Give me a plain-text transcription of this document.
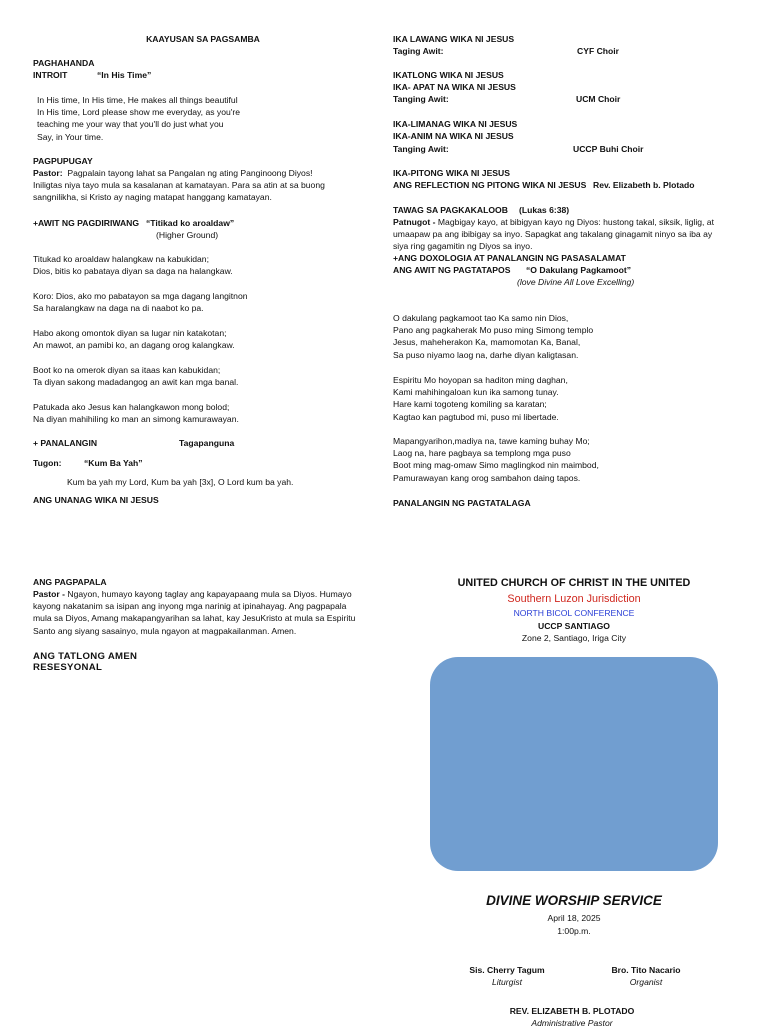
KAAYUSAN SA PAGSAMBA
PAGHAHANDA
INTROIT	“In His Time”

In His time, In His time, He makes all things beautiful

In His time, Lord please show me everyday, as you're

teaching me your way that you'll do just what you

Say, in Your time.

PAGPUPUGAY

Pastor: Pagpalain tayong lahat sa Pangalan ng ating Panginoong Diyos!

Iniligtas niya tayo mula sa kasalanan at kamatayan. Para sa atin at sa buong

sangnilikha, si Kristo ay naging matapat hanggang kamatayan.

+AWIT NG PAGDIRIWANG “Titikad ko aroaldaw”
(Higher Ground)

Titukad ko aroaldaw halangkaw na kabukidan;

Dios, bitis ko pabataya diyan sa daga na halangkaw.

Koro: Dios, ako mo pabatayon sa mga dagang langitnon

Sa haralangkaw na daga na di naabot ko pa.

Habo akong omontok diyan sa lugar nin katakotan;

An mawot, an pamibi ko, an dagang orog kalangkaw.

Boot ko na omerok diyan sa itaas kan kabukidan;

Ta diyan sakong madadangog an awit kan mga banal.

Patukada ako Jesus kan halangkawon mong bolod;

Na diyan mahihiling ko man an simong kamurawayan.

+ PANALANGIN	Tagapanguna
Tugon:	“Kum Ba Yah”
Kum ba yah my Lord, Kum ba yah [3x], O Lord kum ba yah.
ANG UNANAG WIKA NI JESUS
ANG PAGPAPALA

Pastor - Ngayon, humayo kayong taglay ang kapayapaang mula sa Diyos. Humayo

kayong nakatanim sa isipan ang inyong mga narinig at ipinahayag. Ang pagpapala

mula sa Diyos, Amang makapangyarihan sa lahat, kay JesuKristo at mula sa Espiritu

Santo ang siyang sasainyo, mula ngayon at magpakailanman. Amen.

ANG TATLONG AMEN
RESESYONAL
IKA LAWANG WIKA NI JESUS
Taging Awit:	CYF Choir
IKATLONG WIKA NI JESUS
IKA- APAT NA WIKA NI JESUS
Tanging Awit:	UCM Choir
IKA-LIMANAG WIKA NI JESUS
IKA-ANIM NA WIKA NI JESUS
Tanging Awit:	UCCP Buhi Choir
IKA-PITONG WIKA NI JESUS
ANG REFLECTION NG PITONG WIKA NI JESUS Rev. Elizabeth b. Plotado
TAWAG SA PAGKAKALOOB (Lukas 6:38)

Patnugot - Magbigay kayo, at bibigyan kayo ng Diyos: hustong takal, siksik, liglig, at

umaapaw pa ang ibibigay sa inyo. Sapagkat ang takalang ginagamit ninyo sa iba ay

siya ring gagamitin ng Diyos sa inyo.

+ANG DOXOLOGIA AT PANALANGIN NG PASASALAMAT
ANG AWIT NG PAGTATAPOS “O Dakulang Pagkamoot”
(love Divine All Love Excelling)

O dakulang pagkamoot tao Ka samo nin Dios,

Pano ang pagkaherak Mo puso ming Simong templo

Jesus, maheherakon Ka, mamomotan Ka, Banal,

Sa puso niyamo laog na, darhe diyan kaligtasan.

Espiritu Mo hoyopan sa haditon ming daghan,

Kami mahihingaloan kun ika samong tunay.

Hare kami togoteng komiling sa karatan;

Kagtao kan pagtubod mi, puso mi libertade.

Mapangyarihon,madiya na, tawe kaming buhay Mo;

Laog na, hare pagbaya sa templong mga puso

Boot ming mag-omaw Simo maglingkod nin maimbod,

Pamurawayan kang orog sambahon daing tapos.

PANALANGIN NG PAGTATALAGA
UNITED CHURCH OF CHRIST IN THE UNITED
Southern Luzon Jurisdiction
NORTH BICOL CONFERENCE
UCCP SANTIAGO
Zone 2, Santiago, Iriga City
DIVINE WORSHIP SERVICE
April 18, 2025
1:00p.m.

Sis. Cherry Tagum

Liturgist

Bro. Tito Nacario

Organist

REV. ELIZABETH B. PLOTADO

Administrative Pastor
